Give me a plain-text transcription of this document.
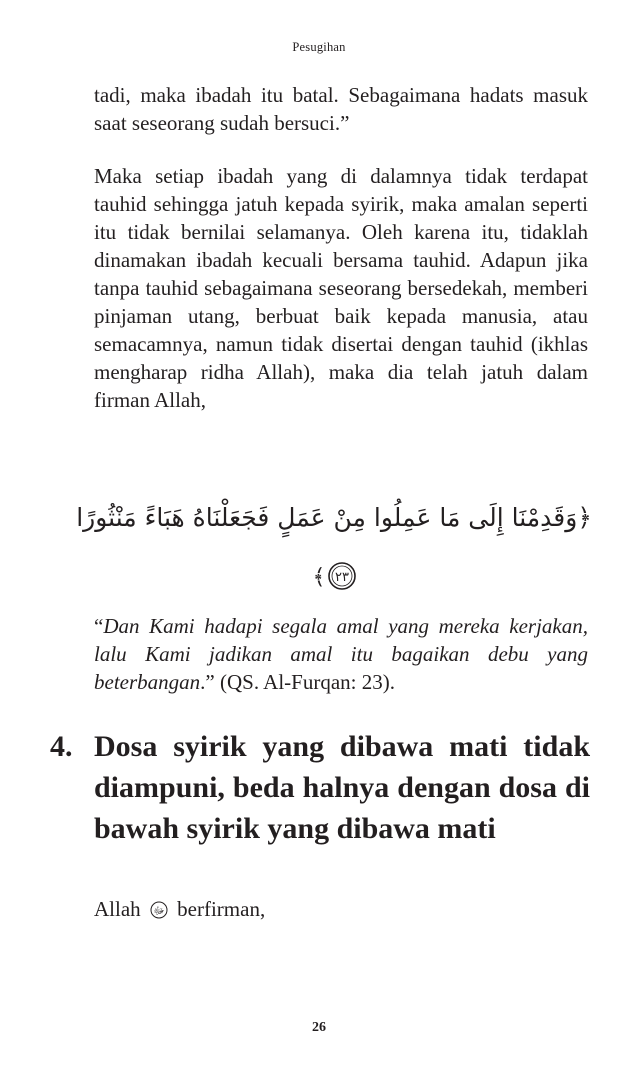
Pesugihan

tadi, maka ibadah itu batal. Sebagaimana hadats masuk saat seseorang sudah bersuci.”

Maka setiap ibadah yang di dalamnya tidak terdapat tauhid sehingga jatuh kepada syirik, maka amalan seperti itu tidak bernilai selamanya. Oleh karena itu, tidaklah dinamakan ibadah kecuali bersama tauhid. Adapun jika tanpa tauhid sebagaimana seseorang bersedekah, memberi pinjaman utang, berbuat baik kepada manusia, atau semacamnya, namun tidak disertai dengan tauhid (ikhlas mengharap ridha Allah), maka dia telah jatuh dalam firman Allah,

﴿وَقَدِمْنَا إِلَى مَا عَمِلُوا مِنْ عَمَلٍ فَجَعَلْنَاهُ هَبَاءً مَنْثُورًا
٢٣
﴾

“Dan Kami hadapi segala amal yang mereka kerjakan, lalu Kami jadikan amal itu bagaikan debu yang beterbangan.” (QS. Al-Furqan: 23).

4. Dosa syirik yang dibawa mati tidak diampuni, beda halnya dengan dosa di bawah syirik yang dibawa mati
Allah ﷻ berfirman,
26
